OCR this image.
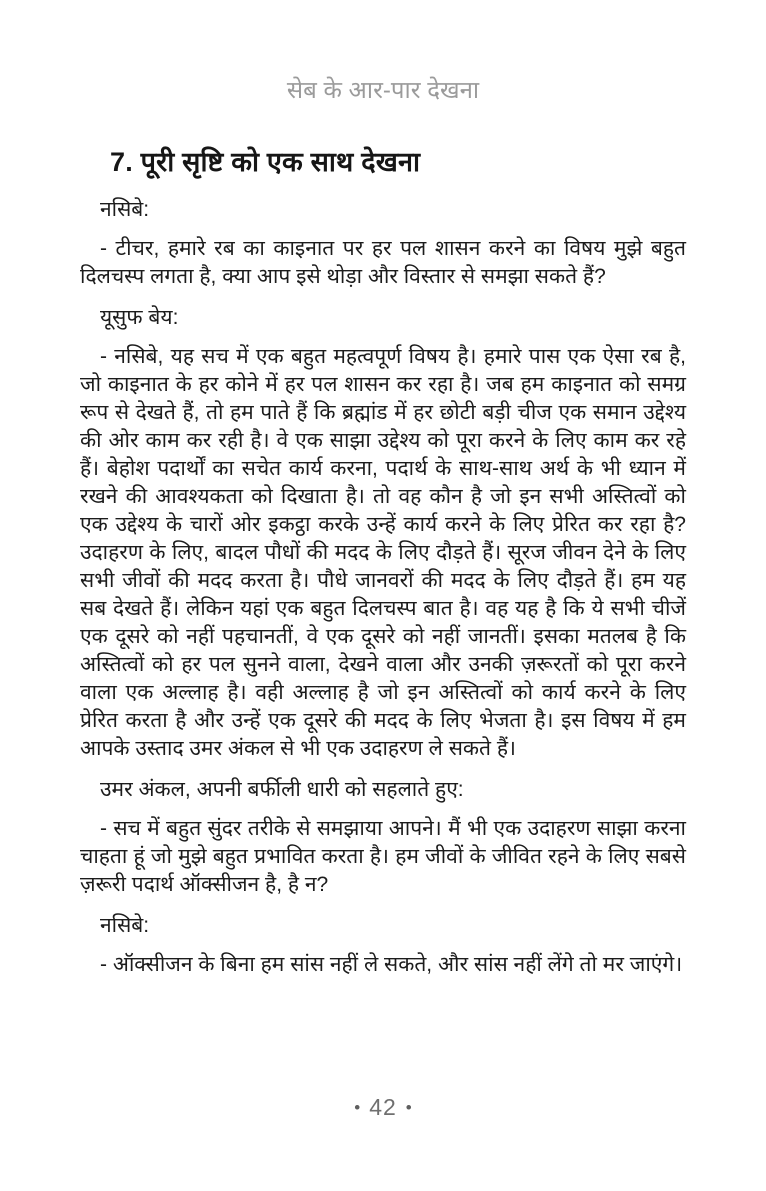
सेब के आर-पार देखना
7. पूरी सृष्टि को एक साथ देखना

नसिबे:

- टीचर, हमारे रब का काइनात पर हर पल शासन करने का विषय मुझे बहुत दिलचस्प लगता है, क्या आप इसे थोड़ा और विस्तार से समझा सकते हैं?

यूसुफ बेय:

- नसिबे, यह सच में एक बहुत महत्वपूर्ण विषय है। हमारे पास एक ऐसा रब है, जो काइनात के हर कोने में हर पल शासन कर रहा है। जब हम काइनात को समग्र रूप से देखते हैं, तो हम पाते हैं कि ब्रह्मांड में हर छोटी बड़ी चीज एक समान उद्देश्य की ओर काम कर रही है। वे एक साझा उद्देश्य को पूरा करने के लिए काम कर रहे हैं। बेहोश पदार्थों का सचेत कार्य करना, पदार्थ के साथ-साथ अर्थ के भी ध्यान में रखने की आवश्यकता को दिखाता है। तो वह कौन है जो इन सभी अस्तित्वों को एक उद्देश्य के चारों ओर इकट्ठा करके उन्हें कार्य करने के लिए प्रेरित कर रहा है? उदाहरण के लिए, बादल पौधों की मदद के लिए दौड़ते हैं। सूरज जीवन देने के लिए सभी जीवों की मदद करता है। पौधे जानवरों की मदद के लिए दौड़ते हैं। हम यह सब देखते हैं। लेकिन यहां एक बहुत दिलचस्प बात है। वह यह है कि ये सभी चीजें एक दूसरे को नहीं पहचानतीं, वे एक दूसरे को नहीं जानतीं। इसका मतलब है कि अस्तित्वों को हर पल सुनने वाला, देखने वाला और उनकी ज़रूरतों को पूरा करने वाला एक अल्लाह है। वही अल्लाह है जो इन अस्तित्वों को कार्य करने के लिए प्रेरित करता है और उन्हें एक दूसरे की मदद के लिए भेजता है। इस विषय में हम आपके उस्ताद उमर अंकल से भी एक उदाहरण ले सकते हैं।

उमर अंकल, अपनी बर्फीली धारी को सहलाते हुए:

- सच में बहुत सुंदर तरीके से समझाया आपने। मैं भी एक उदाहरण साझा करना चाहता हूं जो मुझे बहुत प्रभावित करता है। हम जीवों के जीवित रहने के लिए सबसे ज़रूरी पदार्थ ऑक्सीजन है, है न?

नसिबे:

- ऑक्सीजन के बिना हम सांस नहीं ले सकते, और सांस नहीं लेंगे तो मर जाएंगे।

• 42 •
